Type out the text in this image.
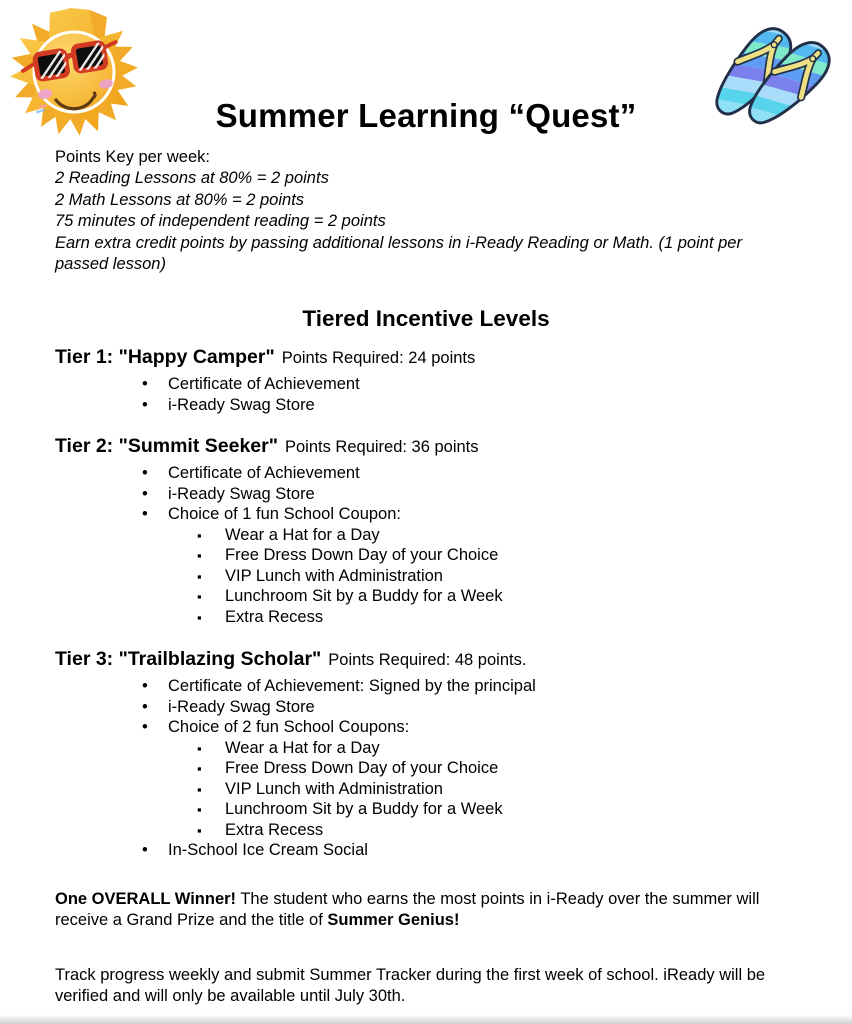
Summer Learning “Quest”
Points Key per week:
2 Reading Lessons at 80% = 2 points
2 Math Lessons at 80% = 2 points
75 minutes of independent reading = 2 points
Earn extra credit points by passing additional lessons in i-Ready Reading or Math. (1 point per passed lesson)
Tiered Incentive Levels
Tier 1: "Happy Camper" Points Required: 24 points
• Certificate of Achievement
• i-Ready Swag Store
Tier 2: "Summit Seeker" Points Required: 36 points
• Certificate of Achievement
• i-Ready Swag Store
• Choice of 1 fun School Coupon:
▪ Wear a Hat for a Day
▪ Free Dress Down Day of your Choice
▪ VIP Lunch with Administration
▪ Lunchroom Sit by a Buddy for a Week
▪ Extra Recess
Tier 3: "Trailblazing Scholar" Points Required: 48 points.
• Certificate of Achievement: Signed by the principal
• i-Ready Swag Store
• Choice of 2 fun School Coupons:
▪ Wear a Hat for a Day
▪ Free Dress Down Day of your Choice
▪ VIP Lunch with Administration
▪ Lunchroom Sit by a Buddy for a Week
▪ Extra Recess
• In-School Ice Cream Social
One OVERALL Winner! The student who earns the most points in i-Ready over the summer will receive a Grand Prize and the title of Summer Genius!
Track progress weekly and submit Summer Tracker during the first week of school. iReady will be verified and will only be available until July 30th.
